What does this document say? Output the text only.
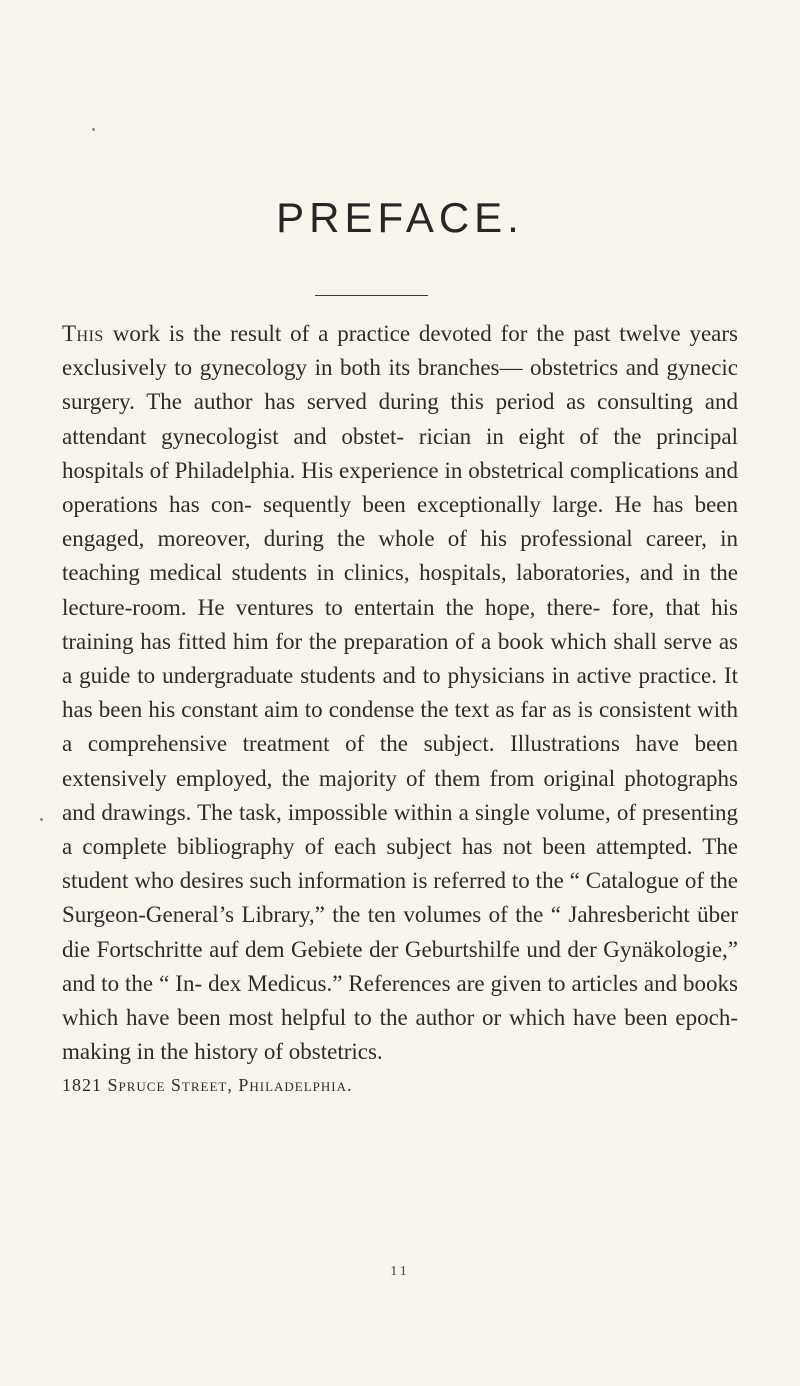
PREFACE.

This work is the result of a practice devoted for the past twelve years exclusively to gynecology in both its branches— obstetrics and gynecic surgery. The author has served during this period as consulting and attendant gynecologist and obstet- rician in eight of the principal hospitals of Philadelphia. His experience in obstetrical complications and operations has con- sequently been exceptionally large. He has been engaged, moreover, during the whole of his professional career, in teaching medical students in clinics, hospitals, laboratories, and in the lecture-room. He ventures to entertain the hope, there- fore, that his training has fitted him for the preparation of a book which shall serve as a guide to undergraduate students and to physicians in active practice. It has been his constant aim to condense the text as far as is consistent with a comprehensive treatment of the subject. Illustrations have been extensively employed, the majority of them from original photographs and drawings. The task, impossible within a single volume, of presenting a complete bibliography of each subject has not been attempted. The student who desires such information is referred to the “ Catalogue of the Surgeon-General’s Library,” the ten volumes of the “ Jahresbericht über die Fortschritte auf dem Gebiete der Geburtshilfe und der Gynäkologie,” and to the “ In- dex Medicus.” References are given to articles and books which have been most helpful to the author or which have been epoch-making in the history of obstetrics.

1821 Spruce Street, Philadelphia.

11
